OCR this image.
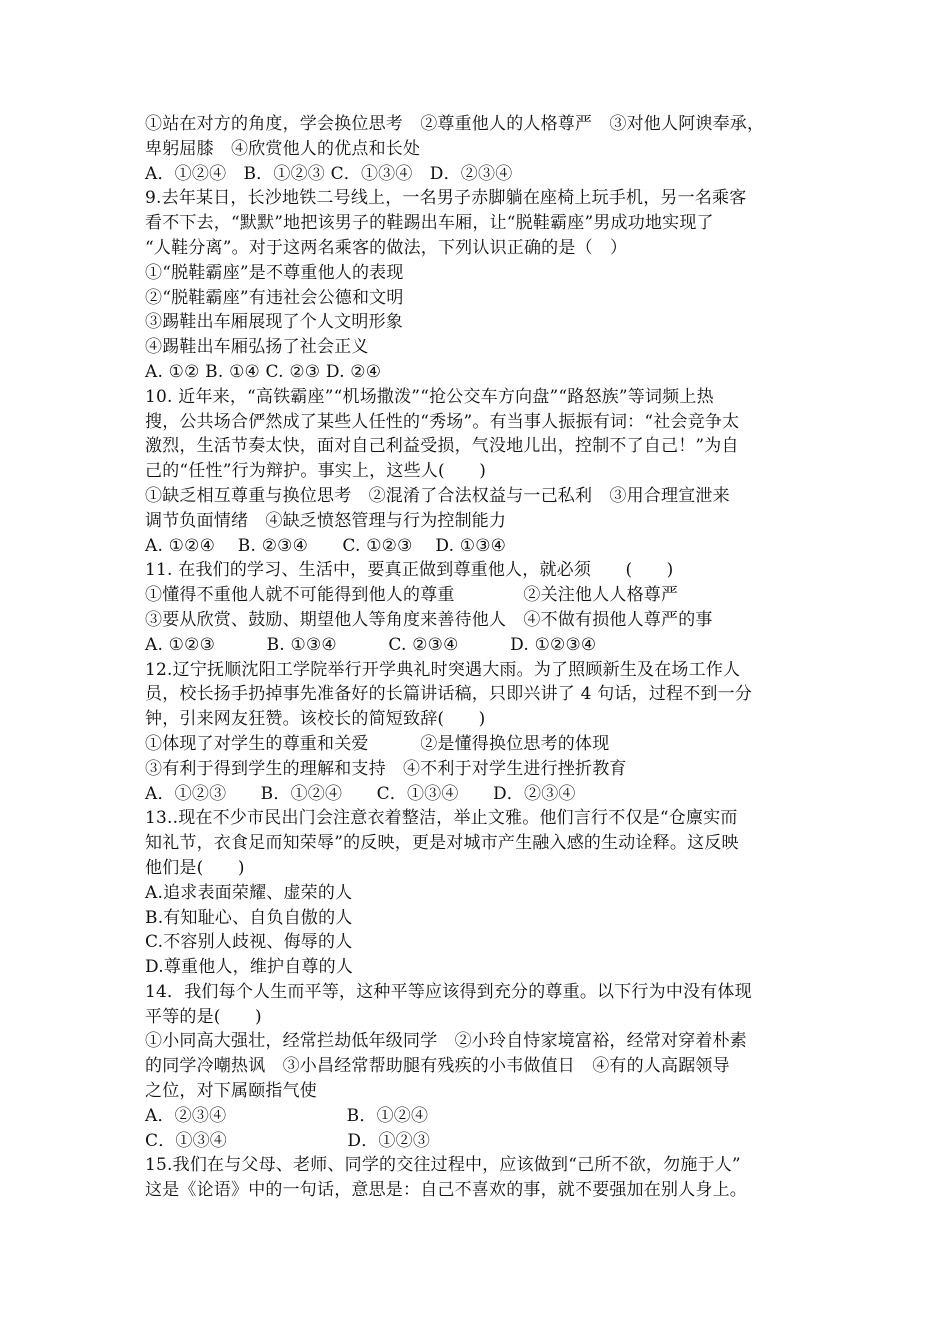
①站在对方的角度，学会换位思考　②尊重他人的人格尊严　③对他人阿谀奉承，
卑躬屈膝　④欣赏他人的优点和长处
A．①②④　B．①②③ C．①③④　D．②③④
9.去年某日，长沙地铁二号线上，一名男子赤脚躺在座椅上玩手机，另一名乘客
看不下去，“默默”地把该男子的鞋踢出车厢，让“脱鞋霸座”男成功地实现了
“人鞋分离”。对于这两名乘客的做法，下列认识正确的是（　）
①“脱鞋霸座”是不尊重他人的表现
②“脱鞋霸座”有违社会公德和文明
③踢鞋出车厢展现了个人文明形象
④踢鞋出车厢弘扬了社会正义
A. ①② B. ①④ C. ②③ D. ②④
10. 近年来，“高铁霸座”“机场撒泼”“抢公交车方向盘”“路怒族”等词频上热
搜，公共场合俨然成了某些人任性的“秀场”。有当事人振振有词：“社会竞争太
激烈，生活节奏太快，面对自己利益受损，气没地儿出，控制不了自己！”为自
己的“任性”行为辩护。事实上，这些人(　　)
①缺乏相互尊重与换位思考　②混淆了合法权益与一己私利　③用合理宣泄来
调节负面情绪　④缺乏愤怒管理与行为控制能力
A. ①②④　 B. ②③④　　C. ①②③　 D. ①③④
11. 在我们的学习、生活中，要真正做到尊重他人，就必须　　(　　)
①懂得不重他人就不可能得到他人的尊重　　　　②关注他人人格尊严
③要从欣赏、鼓励、期望他人等角度来善待他人　④不做有损他人尊严的事
A. ①②③　　　B. ①③④　　　C. ②③④　　　D. ①②③④
12.辽宁抚顺沈阳工学院举行开学典礼时突遇大雨。为了照顾新生及在场工作人
员，校长扬手扔掉事先准备好的长篇讲话稿，只即兴讲了 4 句话，过程不到一分
钟，引来网友狂赞。该校长的简短致辞(　　)
①体现了对学生的尊重和关爱　　　②是懂得换位思考的体现
③有利于得到学生的理解和支持　④不利于对学生进行挫折教育
A．①②③　　B．①②④　　C．①③④　　D．②③④
13..现在不少市民出门会注意衣着整洁，举止文雅。他们言行不仅是“仓廪实而
知礼节，衣食足而知荣辱”的反映，更是对城市产生融入感的生动诠释。这反映
他们是(　　)
A.追求表面荣耀、虚荣的人
B.有知耻心、自负自傲的人
C.不容别人歧视、侮辱的人
D.尊重他人，维护自尊的人
14．我们每个人生而平等，这种平等应该得到充分的尊重。以下行为中没有体现
平等的是(　　)
①小同高大强壮，经常拦劫低年级同学　②小玲自恃家境富裕，经常对穿着朴素
的同学冷嘲热讽　③小昌经常帮助腿有残疾的小韦做值日　④有的人高踞领导
之位，对下属颐指气使
A．②③④　　　　　　　B．①②④
C．①③④　　　　　　　D．①②③
15.我们在与父母、老师、同学的交往过程中，应该做到“己所不欲，勿施于人”
这是《论语》中的一句话，意思是：自己不喜欢的事，就不要强加在别人身上。
